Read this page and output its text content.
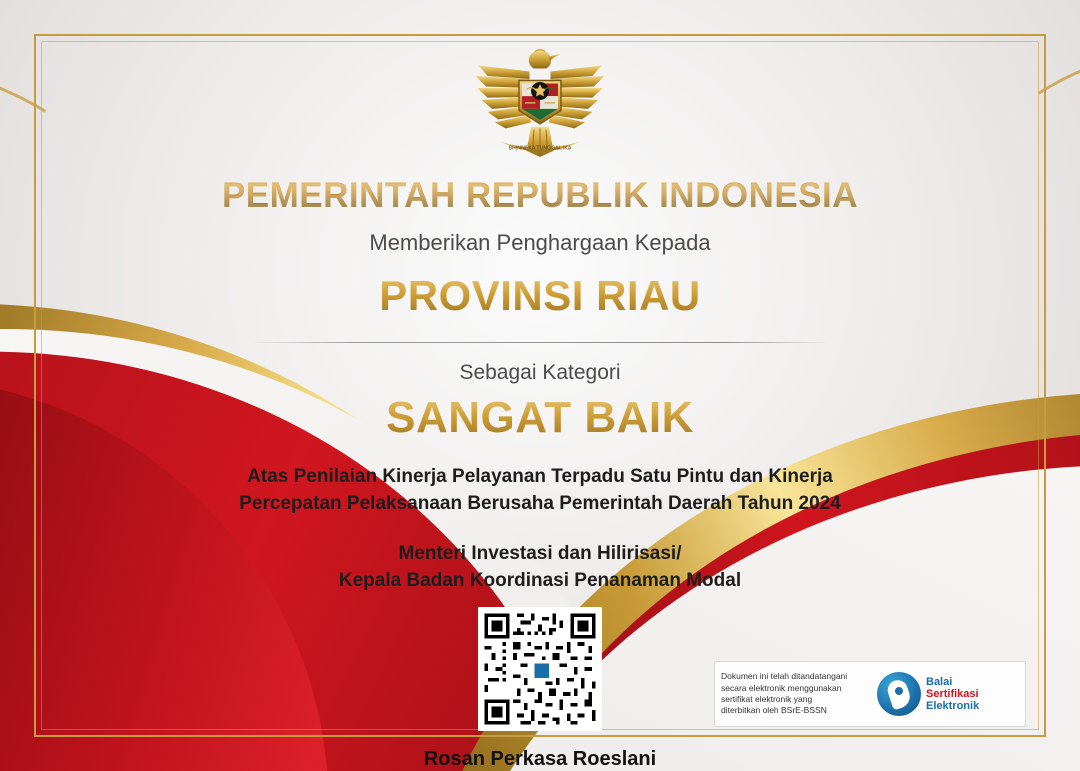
BHINNEKA TUNGGAL IKA
PEMERINTAH REPUBLIK INDONESIA
Memberikan Penghargaan Kepada
PROVINSI RIAU
Sebagai Kategori
SANGAT BAIK
Atas Penilaian Kinerja Pelayanan Terpadu Satu Pintu dan Kinerja
Percepatan Pelaksanaan Berusaha Pemerintah Daerah Tahun 2024
Menteri Investasi dan Hilirisasi/
Kepala Badan Koordinasi Penanaman Modal
Rosan Perkasa Roeslani
Dokumen ini telah ditandatangani
secara elektronik menggunakan
sertifikat elektronik yang
diterbitkan oleh BSrE-BSSN
Balai
Sertifikasi
Elektronik
